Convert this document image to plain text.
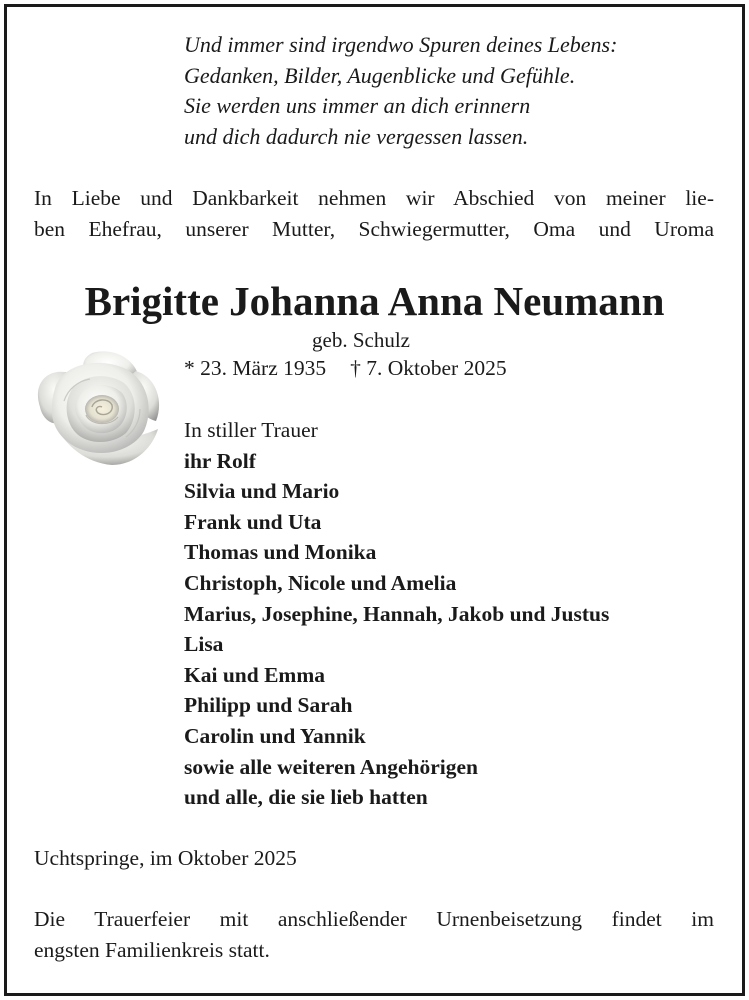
Und immer sind irgendwo Spuren deines Lebens:
Gedanken, Bilder, Augenblicke und Gefühle.
Sie werden uns immer an dich erinnern
und dich dadurch nie vergessen lassen.
In Liebe und Dankbarkeit nehmen wir Abschied von meiner lie-
ben Ehefrau, unserer Mutter, Schwiegermutter, Oma und Uroma
Brigitte Johanna Anna Neumann
geb. Schulz
* 23. März 1935 † 7. Oktober 2025
In stiller Trauer
ihr Rolf
Silvia und Mario
Frank und Uta
Thomas und Monika
Christoph, Nicole und Amelia
Marius, Josephine, Hannah, Jakob und Justus
Lisa
Kai und Emma
Philipp und Sarah
Carolin und Yannik
sowie alle weiteren Angehörigen
und alle, die sie lieb hatten
Uchtspringe, im Oktober 2025
Die Trauerfeier mit anschließender Urnenbeisetzung findet im
engsten Familienkreis statt.
